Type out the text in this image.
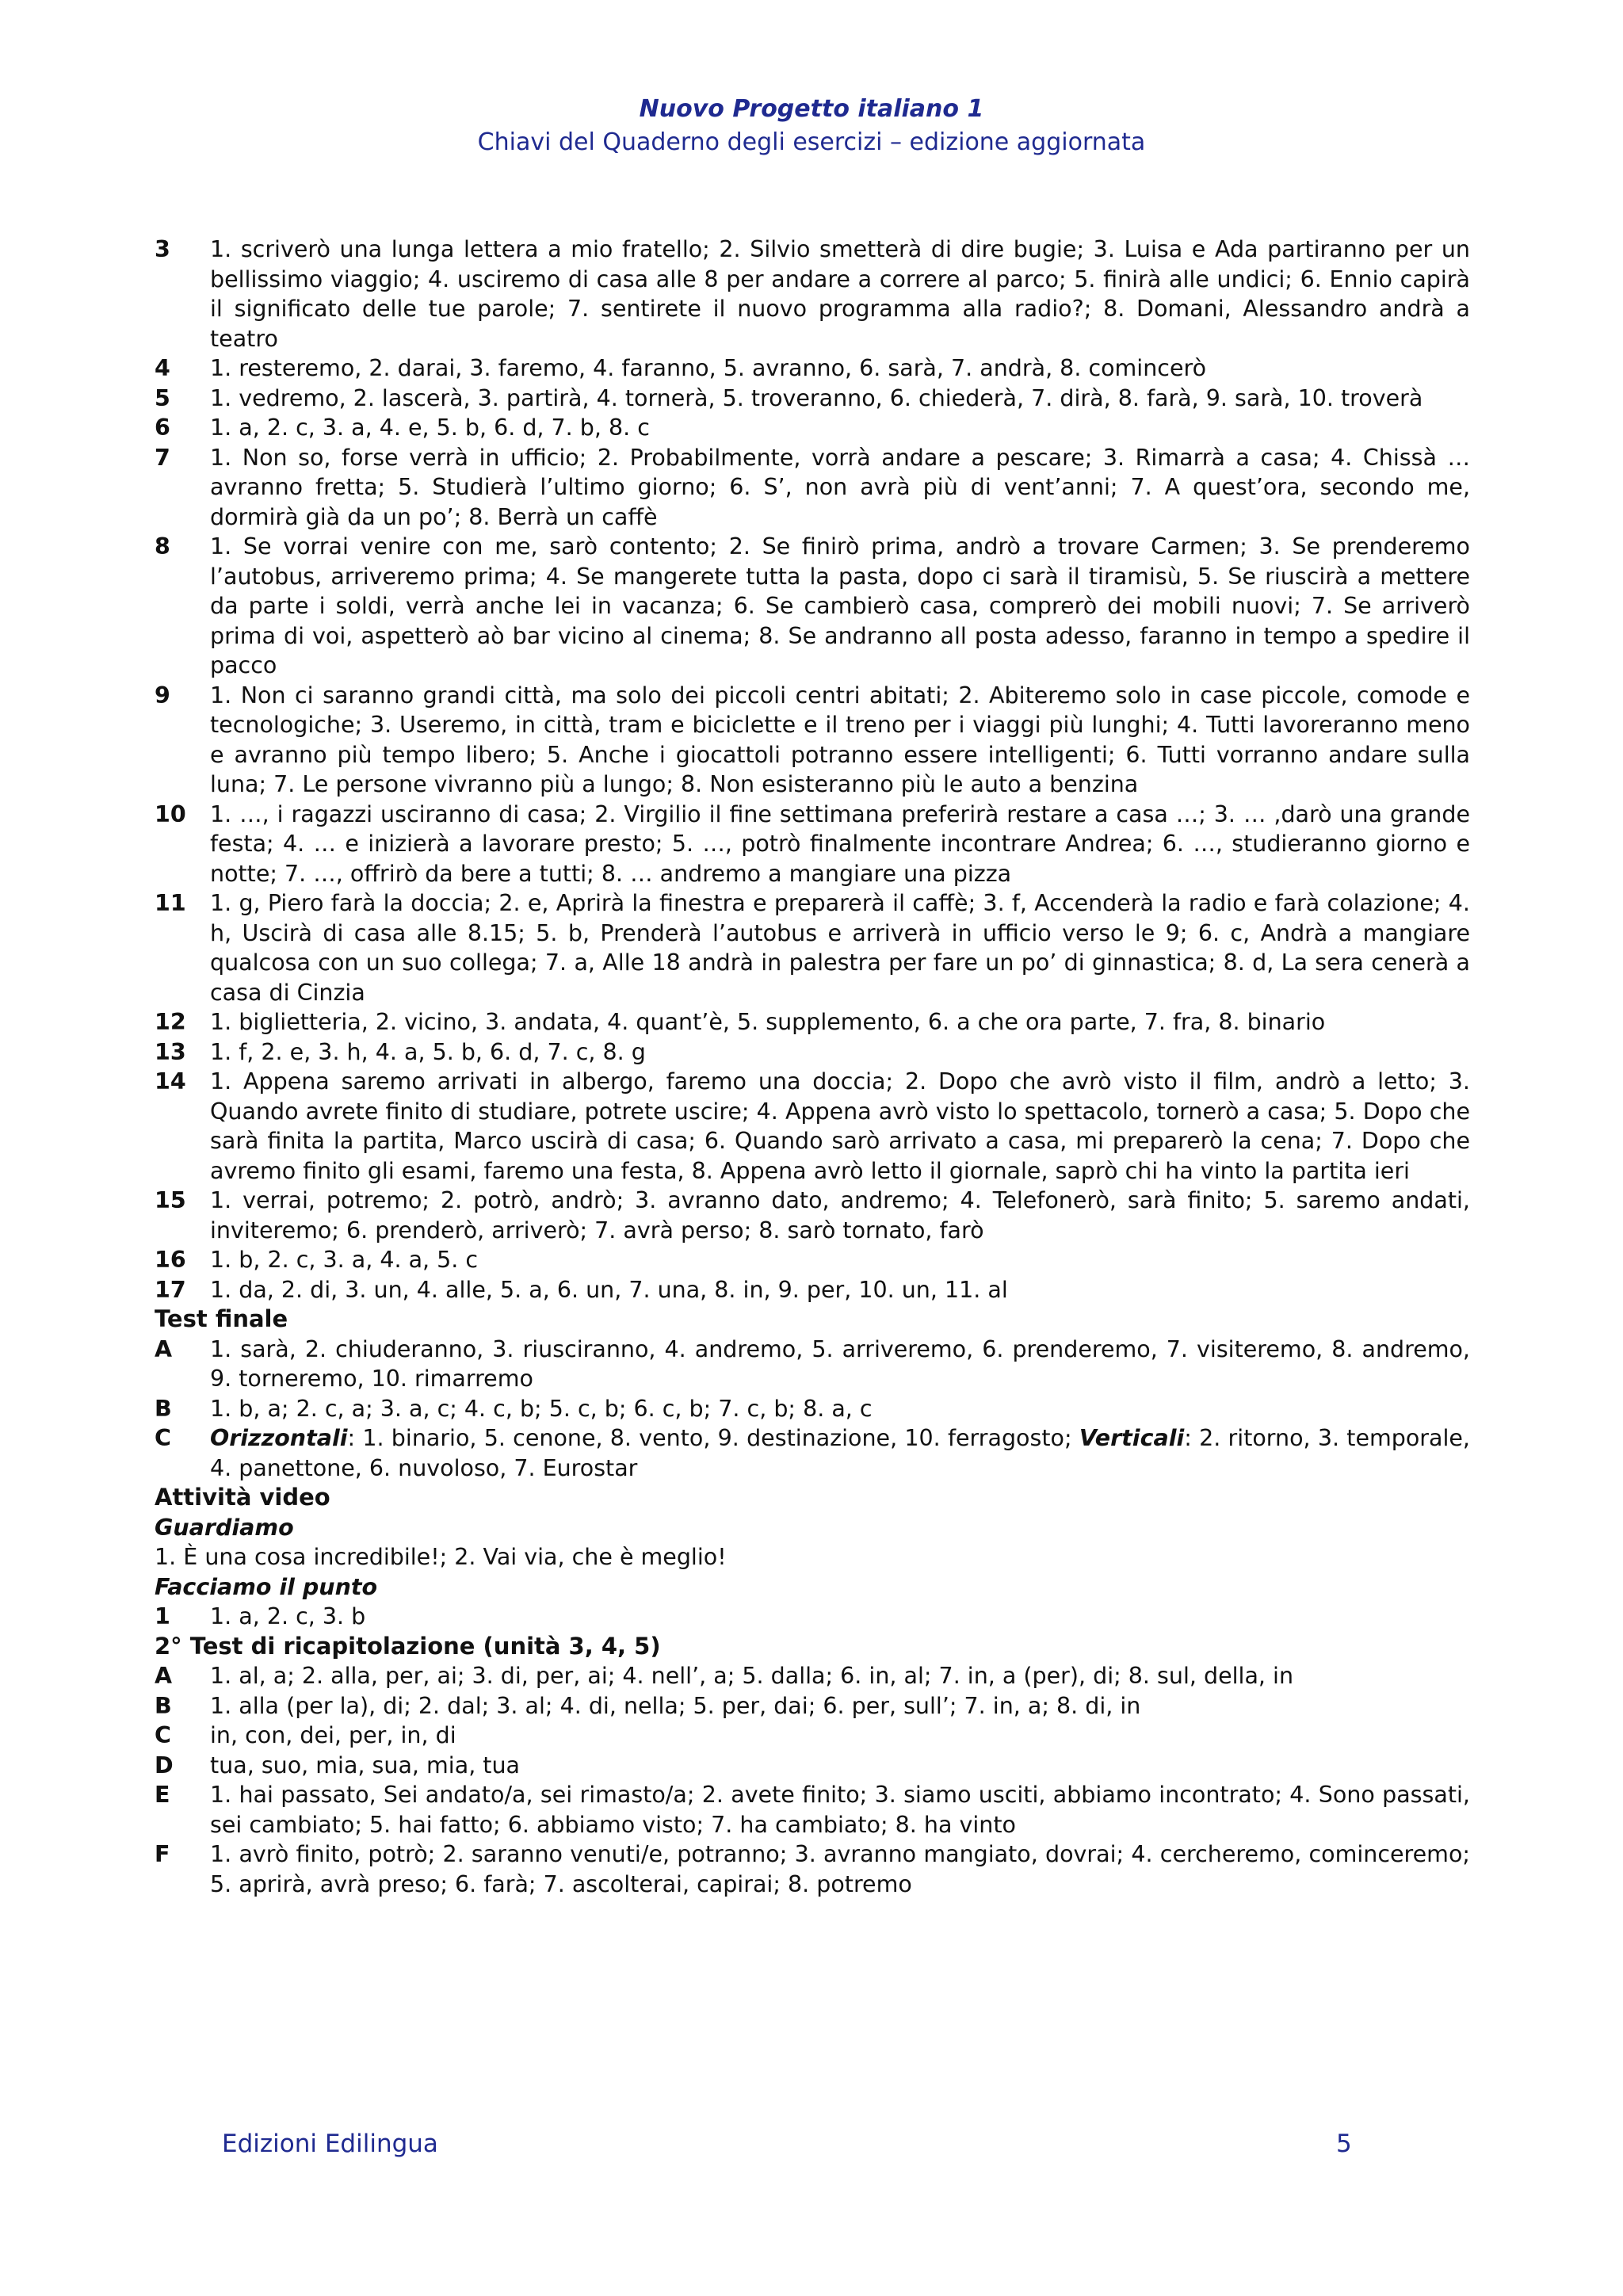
Nuovo Progetto italiano 1
Chiavi del Quaderno degli esercizi – edizione aggiornata
3	1. scriverò una lunga lettera a mio fratello; 2. Silvio smetterà di dire bugie; 3. Luisa e Ada partiranno per un bellissimo viaggio; 4. usciremo di casa alle 8 per andare a correre al parco; 5. finirà alle undici; 6. Ennio capirà il significato delle tue parole; 7. sentirete il nuovo programma alla radio?; 8. Domani, Alessandro andrà a teatro
4	1. resteremo, 2. darai, 3. faremo, 4. faranno, 5. avranno, 6. sarà, 7. andrà, 8. comincerò
5	1. vedremo, 2. lascerà, 3. partirà, 4. tornerà, 5. troveranno, 6. chiederà, 7. dirà, 8. farà, 9. sarà, 10. troverà
6	1. a, 2. c, 3. a, 4. e, 5. b, 6. d, 7. b, 8. c
7	1. Non so, forse verrà in ufficio; 2. Probabilmente, vorrà andare a pescare; 3. Rimarrà a casa; 4. Chissà … avranno fretta; 5. Studierà l’ultimo giorno; 6. S’, non avrà più di vent’anni; 7. A quest’ora, secondo me, dormirà già da un po’; 8. Berrà un caffè
8	1. Se vorrai venire con me, sarò contento; 2. Se finirò prima, andrò a trovare Carmen; 3. Se prenderemo l’autobus, arriveremo prima; 4. Se mangerete tutta la pasta, dopo ci sarà il tiramisù, 5. Se riuscirà a mettere da parte i soldi, verrà anche lei in vacanza; 6. Se cambierò casa, comprerò dei mobili nuovi; 7. Se arriverò prima di voi, aspetterò aò bar vicino al cinema; 8. Se andranno all posta adesso, faranno in tempo a spedire il pacco
9	1. Non ci saranno grandi città, ma solo dei piccoli centri abitati; 2. Abiteremo solo in case piccole, comode e tecnologiche; 3. Useremo, in città, tram e biciclette e il treno per i viaggi più lunghi; 4. Tutti lavoreranno meno e avranno più tempo libero; 5. Anche i giocattoli potranno essere intelligenti; 6. Tutti vorranno andare sulla luna; 7. Le persone vivranno più a lungo; 8. Non esisteranno più le auto a benzina
10	1. …, i ragazzi usciranno di casa; 2. Virgilio il fine settimana preferirà restare a casa …; 3. … ,darò una grande festa; 4. … e inizierà a lavorare presto; 5. …, potrò finalmente incontrare Andrea; 6. …, studieranno giorno e notte; 7. …, offrirò da bere a tutti; 8. … andremo a mangiare una pizza
11	1. g, Piero farà la doccia; 2. e, Aprirà la finestra e preparerà il caffè; 3. f, Accenderà la radio e farà colazione; 4. h, Uscirà di casa alle 8.15; 5. b, Prenderà l’autobus e arriverà in ufficio verso le 9; 6. c, Andrà a mangiare qualcosa con un suo collega; 7. a, Alle 18 andrà in palestra per fare un po’ di ginnastica; 8. d, La sera cenerà a casa di Cinzia
12	1. biglietteria, 2. vicino, 3. andata, 4. quant’è, 5. supplemento, 6. a che ora parte, 7. fra, 8. binario
13	1. f, 2. e, 3. h, 4. a, 5. b, 6. d, 7. c, 8. g
14	1. Appena saremo arrivati in albergo, faremo una doccia; 2. Dopo che avrò visto il film, andrò a letto; 3. Quando avrete finito di studiare, potrete uscire; 4. Appena avrò visto lo spettacolo, tornerò a casa; 5. Dopo che sarà finita la partita, Marco uscirà di casa; 6. Quando sarò arrivato a casa, mi preparerò la cena; 7. Dopo che avremo finito gli esami, faremo una festa, 8. Appena avrò letto il giornale, saprò chi ha vinto la partita ieri
15	1. verrai, potremo; 2. potrò, andrò; 3. avranno dato, andremo; 4. Telefonerò, sarà finito; 5. saremo andati, inviteremo; 6. prenderò, arriverò; 7. avrà perso; 8. sarò tornato, farò
16	1. b, 2. c, 3. a, 4. a, 5. c
17	1. da, 2. di, 3. un, 4. alle, 5. a, 6. un, 7. una, 8. in, 9. per, 10. un, 11. al
Test finale
A	1. sarà, 2. chiuderanno, 3. riusciranno, 4. andremo, 5. arriveremo, 6. prenderemo, 7. visiteremo, 8. andremo, 9. torneremo, 10. rimarremo
B	1. b, a; 2. c, a; 3. a, c; 4. c, b; 5. c, b; 6. c, b; 7. c, b; 8. a, c
C	Orizzontali: 1. binario, 5. cenone, 8. vento, 9. destinazione, 10. ferragosto; Verticali: 2. ritorno, 3. temporale, 4. panettone, 6. nuvoloso, 7. Eurostar
Attività video
Guardiamo
1. È una cosa incredibile!; 2. Vai via, che è meglio!
Facciamo il punto
1	1. a, 2. c, 3. b
2° Test di ricapitolazione (unità 3, 4, 5)
A	1. al, a; 2. alla, per, ai; 3. di, per, ai; 4. nell’, a; 5. dalla; 6. in, al; 7. in, a (per), di; 8. sul, della, in
B	1. alla (per la), di; 2. dal; 3. al; 4. di, nella; 5. per, dai; 6. per, sull’; 7. in, a; 8. di, in
C	in, con, dei, per, in, di
D	tua, suo, mia, sua, mia, tua
E	1. hai passato, Sei andato/a, sei rimasto/a; 2. avete finito; 3. siamo usciti, abbiamo incontrato; 4. Sono passati, sei cambiato; 5. hai fatto; 6. abbiamo visto; 7. ha cambiato; 8. ha vinto
F	1. avrò finito, potrò; 2. saranno venuti/e, potranno; 3. avranno mangiato, dovrai; 4. cercheremo, cominceremo; 5. aprirà, avrà preso; 6. farà; 7. ascolterai, capirai; 8. potremo
Edizioni Edilingua	5
